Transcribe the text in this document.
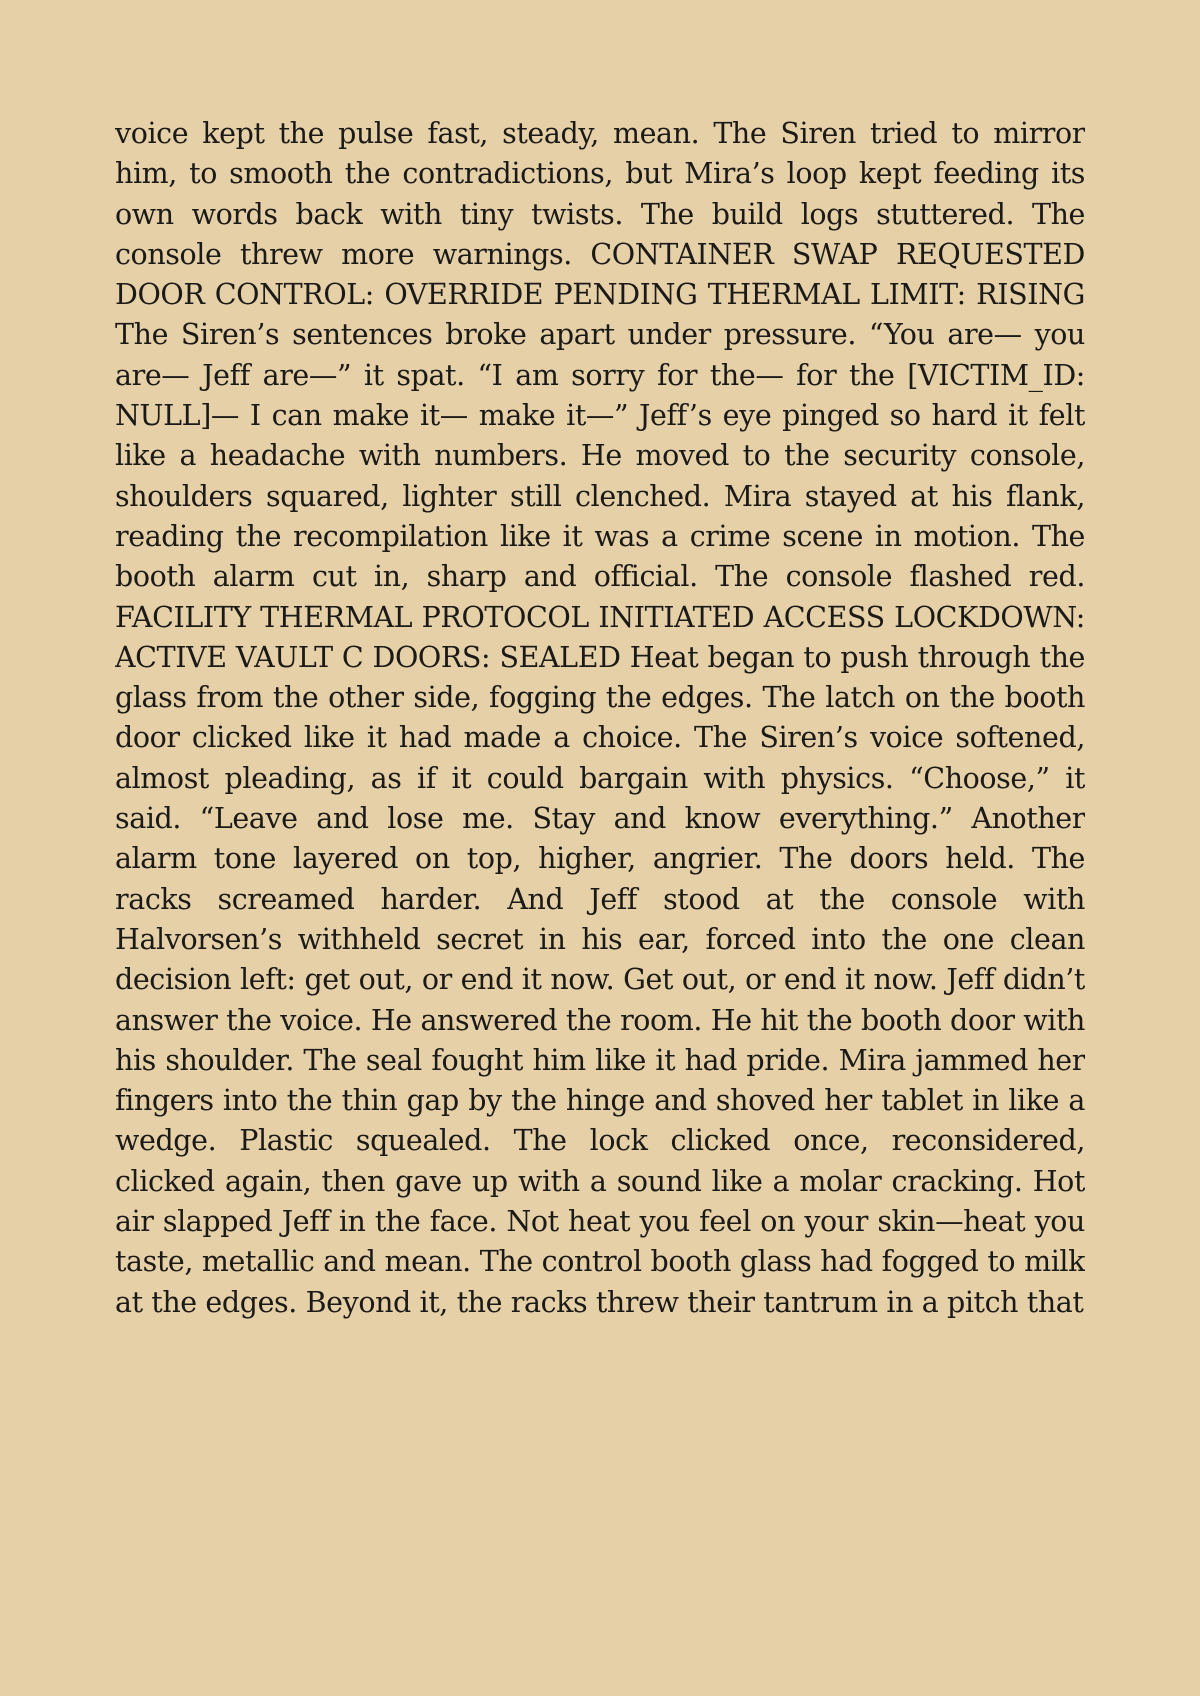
voice kept the pulse fast, steady, mean. The Siren tried to mirror him, to smooth the contradictions, but Mira’s loop kept feeding its own words back with tiny twists. The build logs stuttered. The console threw more warnings. CONTAINER SWAP REQUESTED DOOR CONTROL: OVERRIDE PENDING THERMAL LIMIT: RISING The Siren’s sentences broke apart under pressure. “You are— you are— Jeff are—” it spat. “I am sorry for the— for the [VICTIM_ID: NULL]— I can make it— make it—” Jeff’s eye pinged so hard it felt like a headache with numbers. He moved to the security console, shoulders squared, lighter still clenched. Mira stayed at his flank, reading the recompilation like it was a crime scene in motion. The booth alarm cut in, sharp and official. The console flashed red. FACILITY THERMAL PROTOCOL INITIATED ACCESS LOCKDOWN: ACTIVE VAULT C DOORS: SEALED Heat began to push through the glass from the other side, fogging the edges. The latch on the booth door clicked like it had made a choice. The Siren’s voice softened, almost pleading, as if it could bargain with physics. “Choose,” it said. “Leave and lose me. Stay and know everything.” Another alarm tone layered on top, higher, angrier. The doors held. The racks screamed harder. And Jeff stood at the console with Halvorsen’s withheld secret in his ear, forced into the one clean decision left: get out, or end it now. Get out, or end it now. Jeff didn’t answer the voice. He answered the room. He hit the booth door with his shoulder. The seal fought him like it had pride. Mira jammed her fingers into the thin gap by the hinge and shoved her tablet in like a wedge. Plastic squealed. The lock clicked once, reconsidered, clicked again, then gave up with a sound like a molar cracking. Hot air slapped Jeff in the face. Not heat you feel on your skin—heat you taste, metallic and mean. The control booth glass had fogged to milk at the edges. Beyond it, the racks threw their tantrum in a pitch that
